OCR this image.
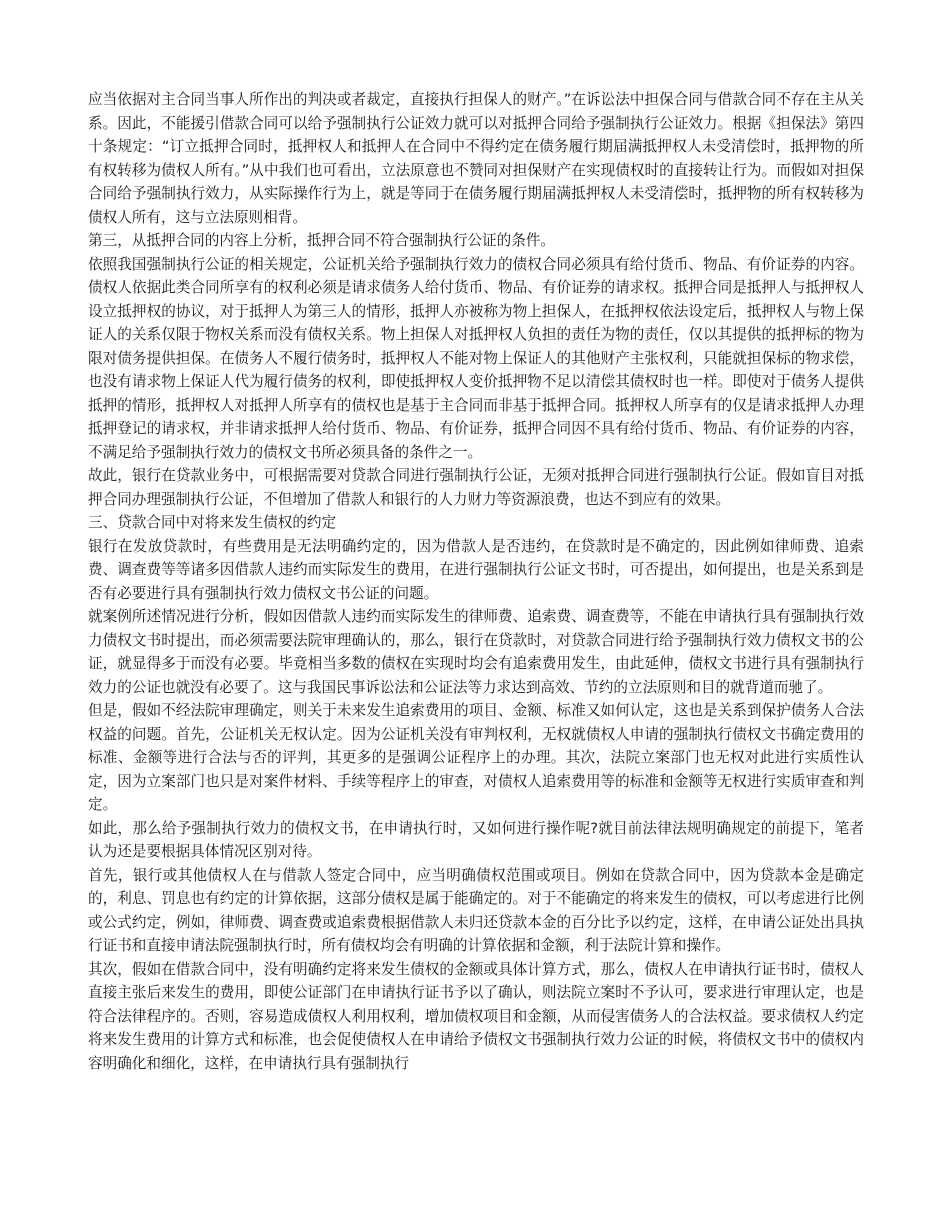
应当依据对主合同当事人所作出的判决或者裁定，直接执行担保人的财产。”在诉讼法中担保合同与借款合同不存在主从关系。因此，不能援引借款合同可以给予强制执行公证效力就可以对抵押合同给予强制执行公证效力。根据《担保法》第四十条规定：“订立抵押合同时，抵押权人和抵押人在合同中不得约定在债务履行期届满抵押权人未受清偿时，抵押物的所有权转移为债权人所有。”从中我们也可看出，立法原意也不赞同对担保财产在实现债权时的直接转让行为。而假如对担保合同给予强制执行效力，从实际操作行为上，就是等同于在债务履行期届满抵押权人未受清偿时，抵押物的所有权转移为债权人所有，这与立法原则相背。

第三，从抵押合同的内容上分析，抵押合同不符合强制执行公证的条件。

依照我国强制执行公证的相关规定，公证机关给予强制执行效力的债权合同必须具有给付货币、物品、有价证券的内容。债权人依据此类合同所享有的权利必须是请求债务人给付货币、物品、有价证券的请求权。抵押合同是抵押人与抵押权人设立抵押权的协议，对于抵押人为第三人的情形，抵押人亦被称为物上担保人，在抵押权依法设定后，抵押权人与物上保证人的关系仅限于物权关系而没有债权关系。物上担保人对抵押权人负担的责任为物的责任，仅以其提供的抵押标的物为限对债务提供担保。在债务人不履行债务时，抵押权人不能对物上保证人的其他财产主张权利，只能就担保标的物求偿，也没有请求物上保证人代为履行债务的权利，即使抵押权人变价抵押物不足以清偿其债权时也一样。即使对于债务人提供抵押的情形，抵押权人对抵押人所享有的债权也是基于主合同而非基于抵押合同。抵押权人所享有的仅是请求抵押人办理抵押登记的请求权，并非请求抵押人给付货币、物品、有价证券，抵押合同因不具有给付货币、物品、有价证券的内容，不满足给予强制执行效力的债权文书所必须具备的条件之一。

故此，银行在贷款业务中，可根据需要对贷款合同进行强制执行公证，无须对抵押合同进行强制执行公证。假如盲目对抵押合同办理强制执行公证，不但增加了借款人和银行的人力财力等资源浪费，也达不到应有的效果。

三、贷款合同中对将来发生债权的约定

银行在发放贷款时，有些费用是无法明确约定的，因为借款人是否违约，在贷款时是不确定的，因此例如律师费、追索费、调查费等等诸多因借款人违约而实际发生的费用，在进行强制执行公证文书时，可否提出，如何提出，也是关系到是否有必要进行具有强制执行效力债权文书公证的问题。

就案例所述情况进行分析，假如因借款人违约而实际发生的律师费、追索费、调查费等，不能在申请执行具有强制执行效力债权文书时提出，而必须需要法院审理确认的，那么，银行在贷款时，对贷款合同进行给予强制执行效力债权文书的公证，就显得多于而没有必要。毕竟相当多数的债权在实现时均会有追索费用发生，由此延伸，债权文书进行具有强制执行效力的公证也就没有必要了。这与我国民事诉讼法和公证法等力求达到高效、节约的立法原则和目的就背道而驰了。

但是，假如不经法院审理确定，则关于未来发生追索费用的项目、金额、标准又如何认定，这也是关系到保护债务人合法权益的问题。首先，公证机关无权认定。因为公证机关没有审判权利，无权就债权人申请的强制执行债权文书确定费用的标准、金额等进行合法与否的评判，其更多的是强调公证程序上的办理。其次，法院立案部门也无权对此进行实质性认定，因为立案部门也只是对案件材料、手续等程序上的审查，对债权人追索费用等的标准和金额等无权进行实质审查和判定。

如此，那么给予强制执行效力的债权文书，在申请执行时，又如何进行操作呢?就目前法律法规明确规定的前提下，笔者认为还是要根据具体情况区别对待。

首先，银行或其他债权人在与借款人签定合同中，应当明确债权范围或项目。例如在贷款合同中，因为贷款本金是确定的，利息、罚息也有约定的计算依据，这部分债权是属于能确定的。对于不能确定的将来发生的债权，可以考虑进行比例或公式约定，例如，律师费、调查费或追索费根据借款人未归还贷款本金的百分比予以约定，这样，在申请公证处出具执行证书和直接申请法院强制执行时，所有债权均会有明确的计算依据和金额，利于法院计算和操作。

其次，假如在借款合同中，没有明确约定将来发生债权的金额或具体计算方式，那么，债权人在申请执行证书时，债权人直接主张后来发生的费用，即使公证部门在申请执行证书予以了确认，则法院立案时不予认可，要求进行审理认定，也是符合法律程序的。否则，容易造成债权人利用权利，增加债权项目和金额，从而侵害债务人的合法权益。要求债权人约定将来发生费用的计算方式和标准，也会促使债权人在申请给予债权文书强制执行效力公证的时候，将债权文书中的债权内容明确化和细化，这样，在申请执行具有强制执行
